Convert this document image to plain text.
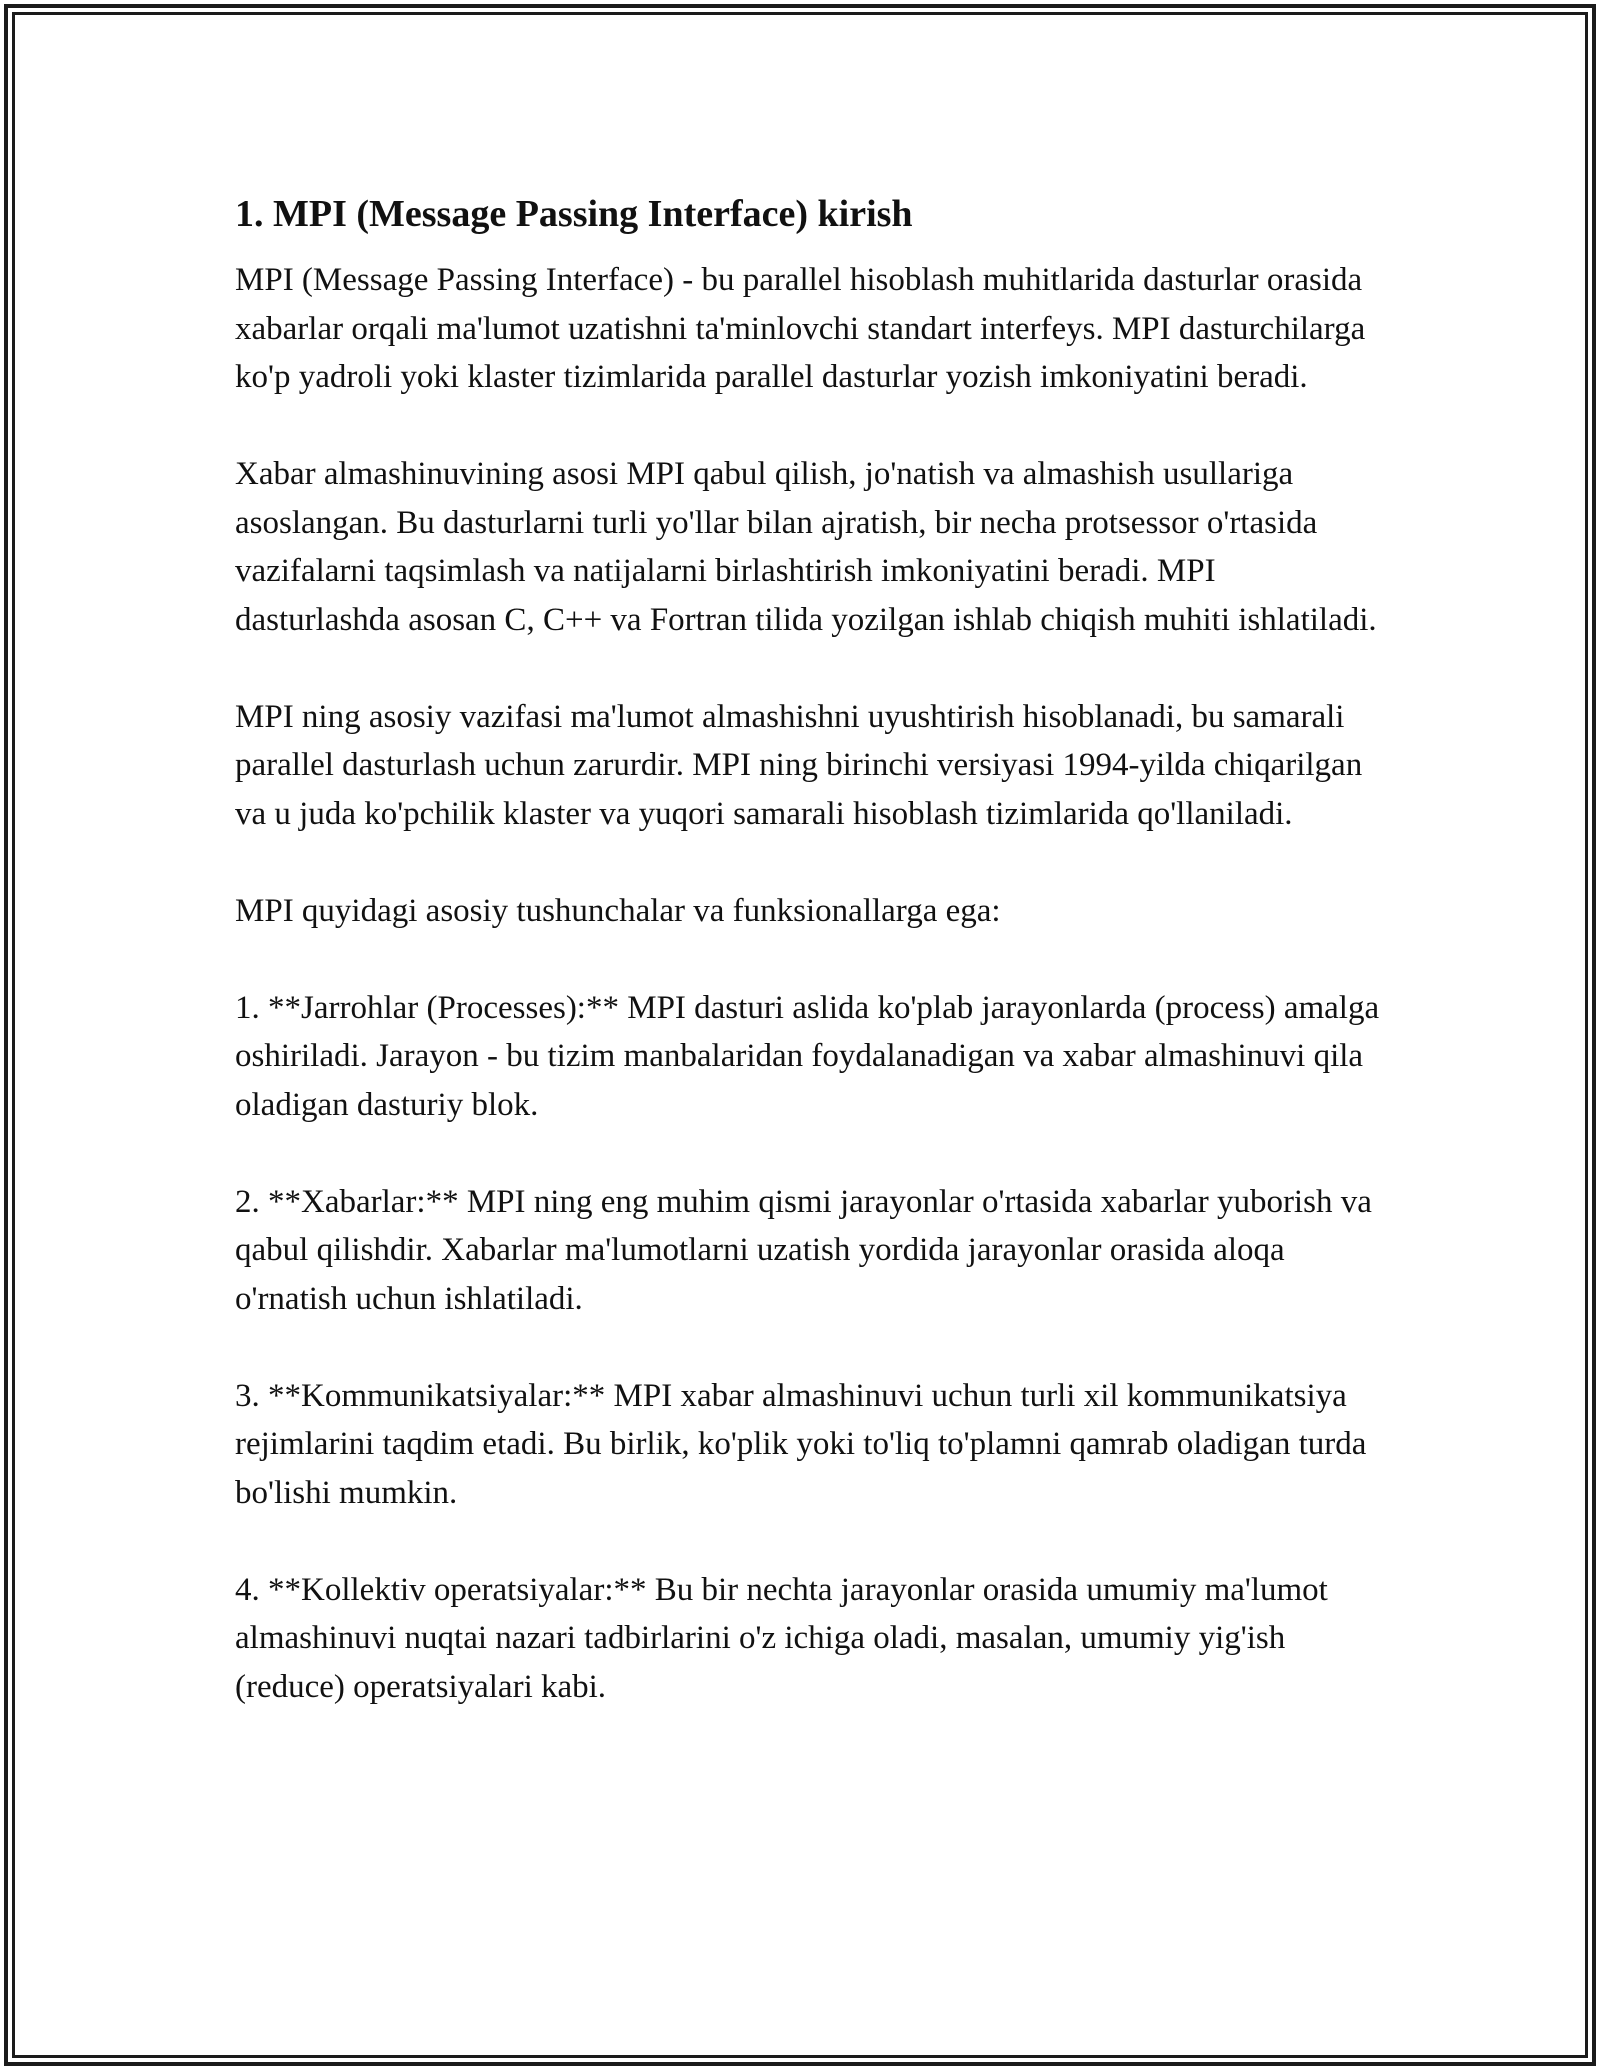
1. MPI (Message Passing Interface) kirish

MPI (Message Passing Interface) - bu parallel hisoblash muhitlarida dasturlar orasida xabarlar orqali ma'lumot uzatishni ta'minlovchi standart interfeys. MPI dasturchilarga ko'p yadroli yoki klaster tizimlarida parallel dasturlar yozish imkoniyatini beradi.

Xabar almashinuvining asosi MPI qabul qilish, jo'natish va almashish usullariga asoslangan. Bu dasturlarni turli yo'llar bilan ajratish, bir necha protsessor o'rtasida vazifalarni taqsimlash va natijalarni birlashtirish imkoniyatini beradi. MPI dasturlashda asosan C, C++ va Fortran tilida yozilgan ishlab chiqish muhiti ishlatiladi.

MPI ning asosiy vazifasi ma'lumot almashishni uyushtirish hisoblanadi, bu samarali parallel dasturlash uchun zarurdir. MPI ning birinchi versiyasi 1994-yilda chiqarilgan va u juda ko'pchilik klaster va yuqori samarali hisoblash tizimlarida qo'llaniladi.

MPI quyidagi asosiy tushunchalar va funksionallarga ega:

1. **Jarrohlar (Processes):** MPI dasturi aslida ko'plab jarayonlarda (process) amalga oshiriladi. Jarayon - bu tizim manbalaridan foydalanadigan va xabar almashinuvi qila oladigan dasturiy blok.

2. **Xabarlar:** MPI ning eng muhim qismi jarayonlar o'rtasida xabarlar yuborish va qabul qilishdir. Xabarlar ma'lumotlarni uzatish yordida jarayonlar orasida aloqa o'rnatish uchun ishlatiladi.

3. **Kommunikatsiyalar:** MPI xabar almashinuvi uchun turli xil kommunikatsiya rejimlarini taqdim etadi. Bu birlik, ko'plik yoki to'liq to'plamni qamrab oladigan turda bo'lishi mumkin.

4. **Kollektiv operatsiyalar:** Bu bir nechta jarayonlar orasida umumiy ma'lumot almashinuvi nuqtai nazari tadbirlarini o'z ichiga oladi, masalan, umumiy yig'ish (reduce) operatsiyalari kabi.
